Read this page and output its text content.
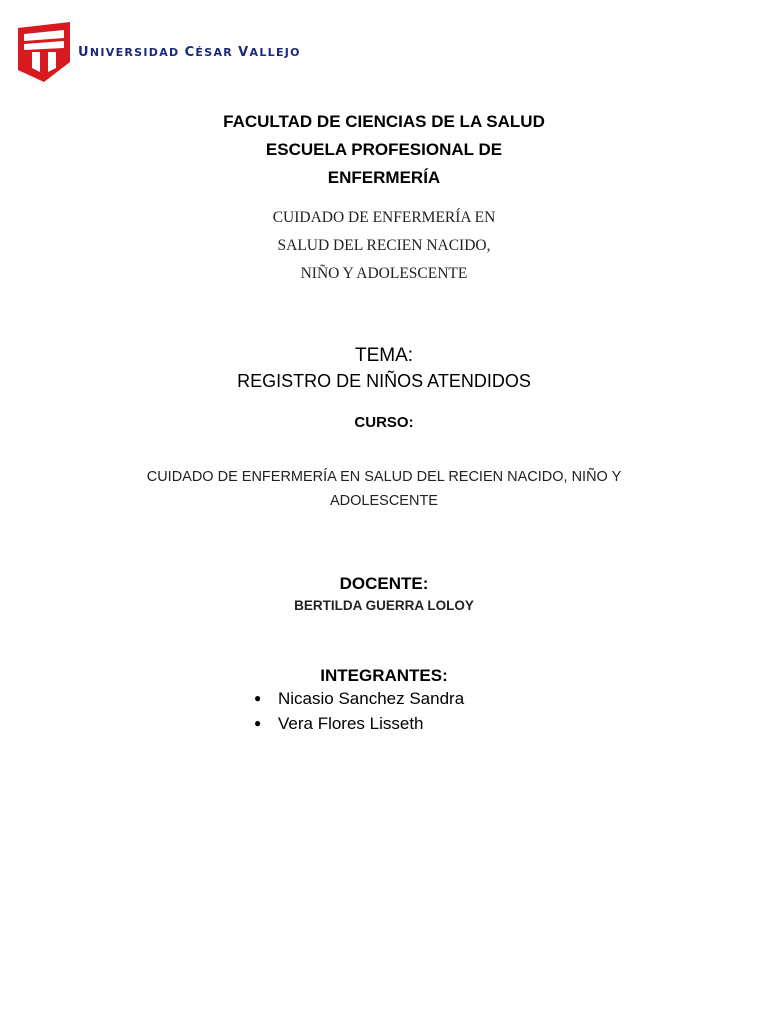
UNIVERSIDAD CÉSAR VALLEJO
FACULTAD DE CIENCIAS DE LA SALUD
ESCUELA PROFESIONAL DE
ENFERMERÍA
CUIDADO DE ENFERMERÍA EN
SALUD DEL RECIEN NACIDO,
NIÑO Y ADOLESCENTE
TEMA:
REGISTRO DE NIÑOS ATENDIDOS
CURSO:
CUIDADO DE ENFERMERÍA EN SALUD DEL RECIEN NACIDO, NIÑO Y
ADOLESCENTE
DOCENTE:
BERTILDA GUERRA LOLOY
INTEGRANTES:
● Nicasio Sanchez Sandra
● Vera Flores Lisseth
